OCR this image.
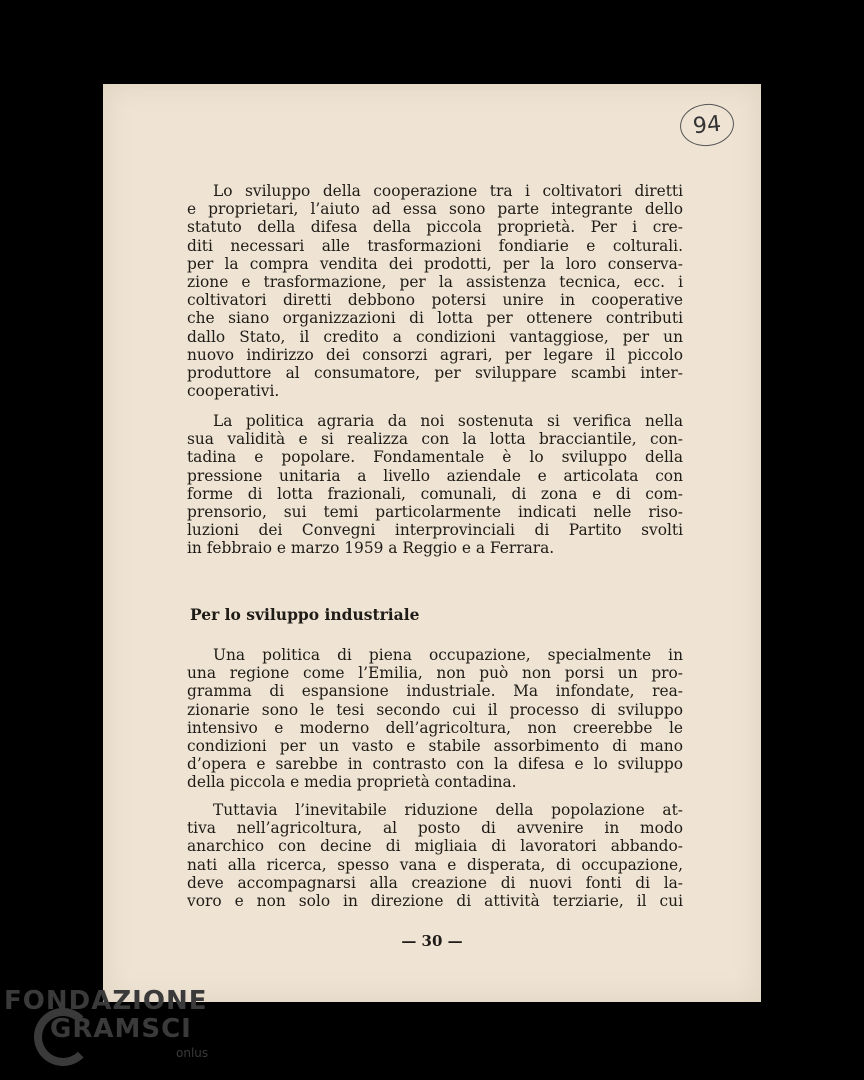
94
Lo sviluppo della cooperazione tra i coltivatori diretti
e proprietari, l’aiuto ad essa sono parte integrante dello
statuto della difesa della piccola proprietà. Per i cre-
diti necessari alle trasformazioni fondiarie e colturali.
per la compra vendita dei prodotti, per la loro conserva-
zione e trasformazione, per la assistenza tecnica, ecc. i
coltivatori diretti debbono potersi unire in cooperative
che siano organizzazioni di lotta per ottenere contributi
dallo Stato, il credito a condizioni vantaggiose, per un
nuovo indirizzo dei consorzi agrari, per legare il piccolo
produttore al consumatore, per sviluppare scambi inter-
cooperativi.
La politica agraria da noi sostenuta si verifica nella
sua validità e si realizza con la lotta bracciantile, con-
tadina e popolare. Fondamentale è lo sviluppo della
pressione unitaria a livello aziendale e articolata con
forme di lotta frazionali, comunali, di zona e di com-
prensorio, sui temi particolarmente indicati nelle riso-
luzioni dei Convegni interprovinciali di Partito svolti
in febbraio e marzo 1959 a Reggio e a Ferrara.
Per lo sviluppo industriale
Una politica di piena occupazione, specialmente in
una regione come l’Emilia, non può non porsi un pro-
gramma di espansione industriale. Ma infondate, rea-
zionarie sono le tesi secondo cui il processo di sviluppo
intensivo e moderno dell’agricoltura, non creerebbe le
condizioni per un vasto e stabile assorbimento di mano
d’opera e sarebbe in contrasto con la difesa e lo sviluppo
della piccola e media proprietà contadina.
Tuttavia l’inevitabile riduzione della popolazione at-
tiva nell’agricoltura, al posto di avvenire in modo
anarchico con decine di migliaia di lavoratori abbando-
nati alla ricerca, spesso vana e disperata, di occupazione,
deve accompagnarsi alla creazione di nuovi fonti di la-
voro e non solo in direzione di attività terziarie, il cui
— 30 —
FONDAZIONE
GRAMSCI
onlus
